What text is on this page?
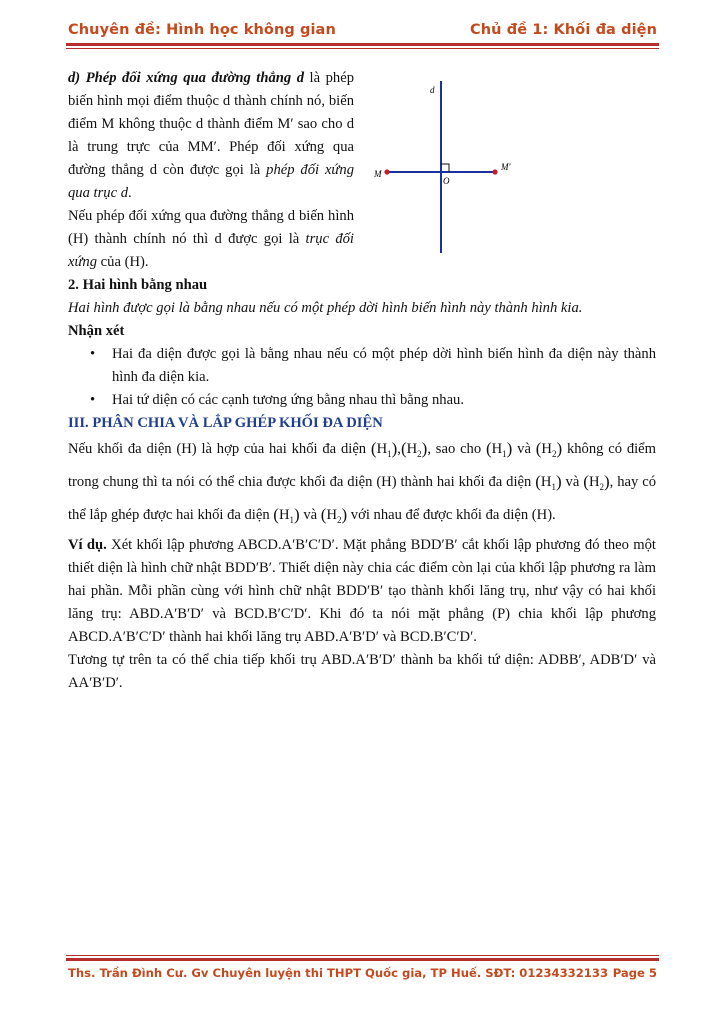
Chuyên đề: Hình học không gian	Chủ đề 1: Khối đa diện
d
M
M'
O

d) Phép đối xứng qua đường thẳng d là phép biến hình mọi điểm thuộc d thành chính nó, biến điểm M không thuộc d thành điểm M′ sao cho d là trung trực của MM′. Phép đối xứng qua đường thẳng d còn được gọi là phép đối xứng qua trục d.

Nếu phép đối xứng qua đường thẳng d biến hình (H) thành chính nó thì d được gọi là trục đối xứng của (H).

2. Hai hình bằng nhau

Hai hình được gọi là bằng nhau nếu có một phép dời hình biến hình này thành hình kia.

Nhận xét

• Hai đa diện được gọi là bằng nhau nếu có một phép dời hình biến hình đa diện này thành hình đa diện kia.
• Hai tứ diện có các cạnh tương ứng bằng nhau thì bằng nhau.

III. PHÂN CHIA VÀ LẮP GHÉP KHỐI ĐA DIỆN

Nếu khối đa diện (H) là hợp của hai khối đa diện $(H_1),(H_2)$, sao cho $(H_1)$ và $(H_2)$ không có điểm trong chung thì ta nói có thể chia được khối đa diện (H) thành hai khối đa diện $(H_1)$ và $(H_2)$, hay có thể lắp ghép được hai khối đa diện $(H_1)$ và $(H_2)$ với nhau để được khối đa diện (H).

Ví dụ. Xét khối lập phương ABCD.A′B′C′D′. Mặt phẳng BDD′B′ cắt khối lập phương đó theo một thiết diện là hình chữ nhật BDD′B′. Thiết diện này chia các điểm còn lại của khối lập phương ra làm hai phần. Mỗi phần cùng với hình chữ nhật BDD′B′ tạo thành khối lăng trụ, như vậy có hai khối lăng trụ: ABD.A′B′D′ và BCD.B′C′D′. Khi đó ta nói mặt phẳng (P) chia khối lập phương ABCD.A′B′C′D′ thành hai khối lăng trụ ABD.A′B′D′ và BCD.B′C′D′.

Tương tự trên ta có thể chia tiếp khối trụ ABD.A′B′D′ thành ba khối tứ diện: ADBB′, ADB′D′ và AA′B′D′.

Ths. Trần Đình Cư. Gv Chuyên luyện thi THPT Quốc gia, TP Huế. SĐT: 01234332133 Page 5
